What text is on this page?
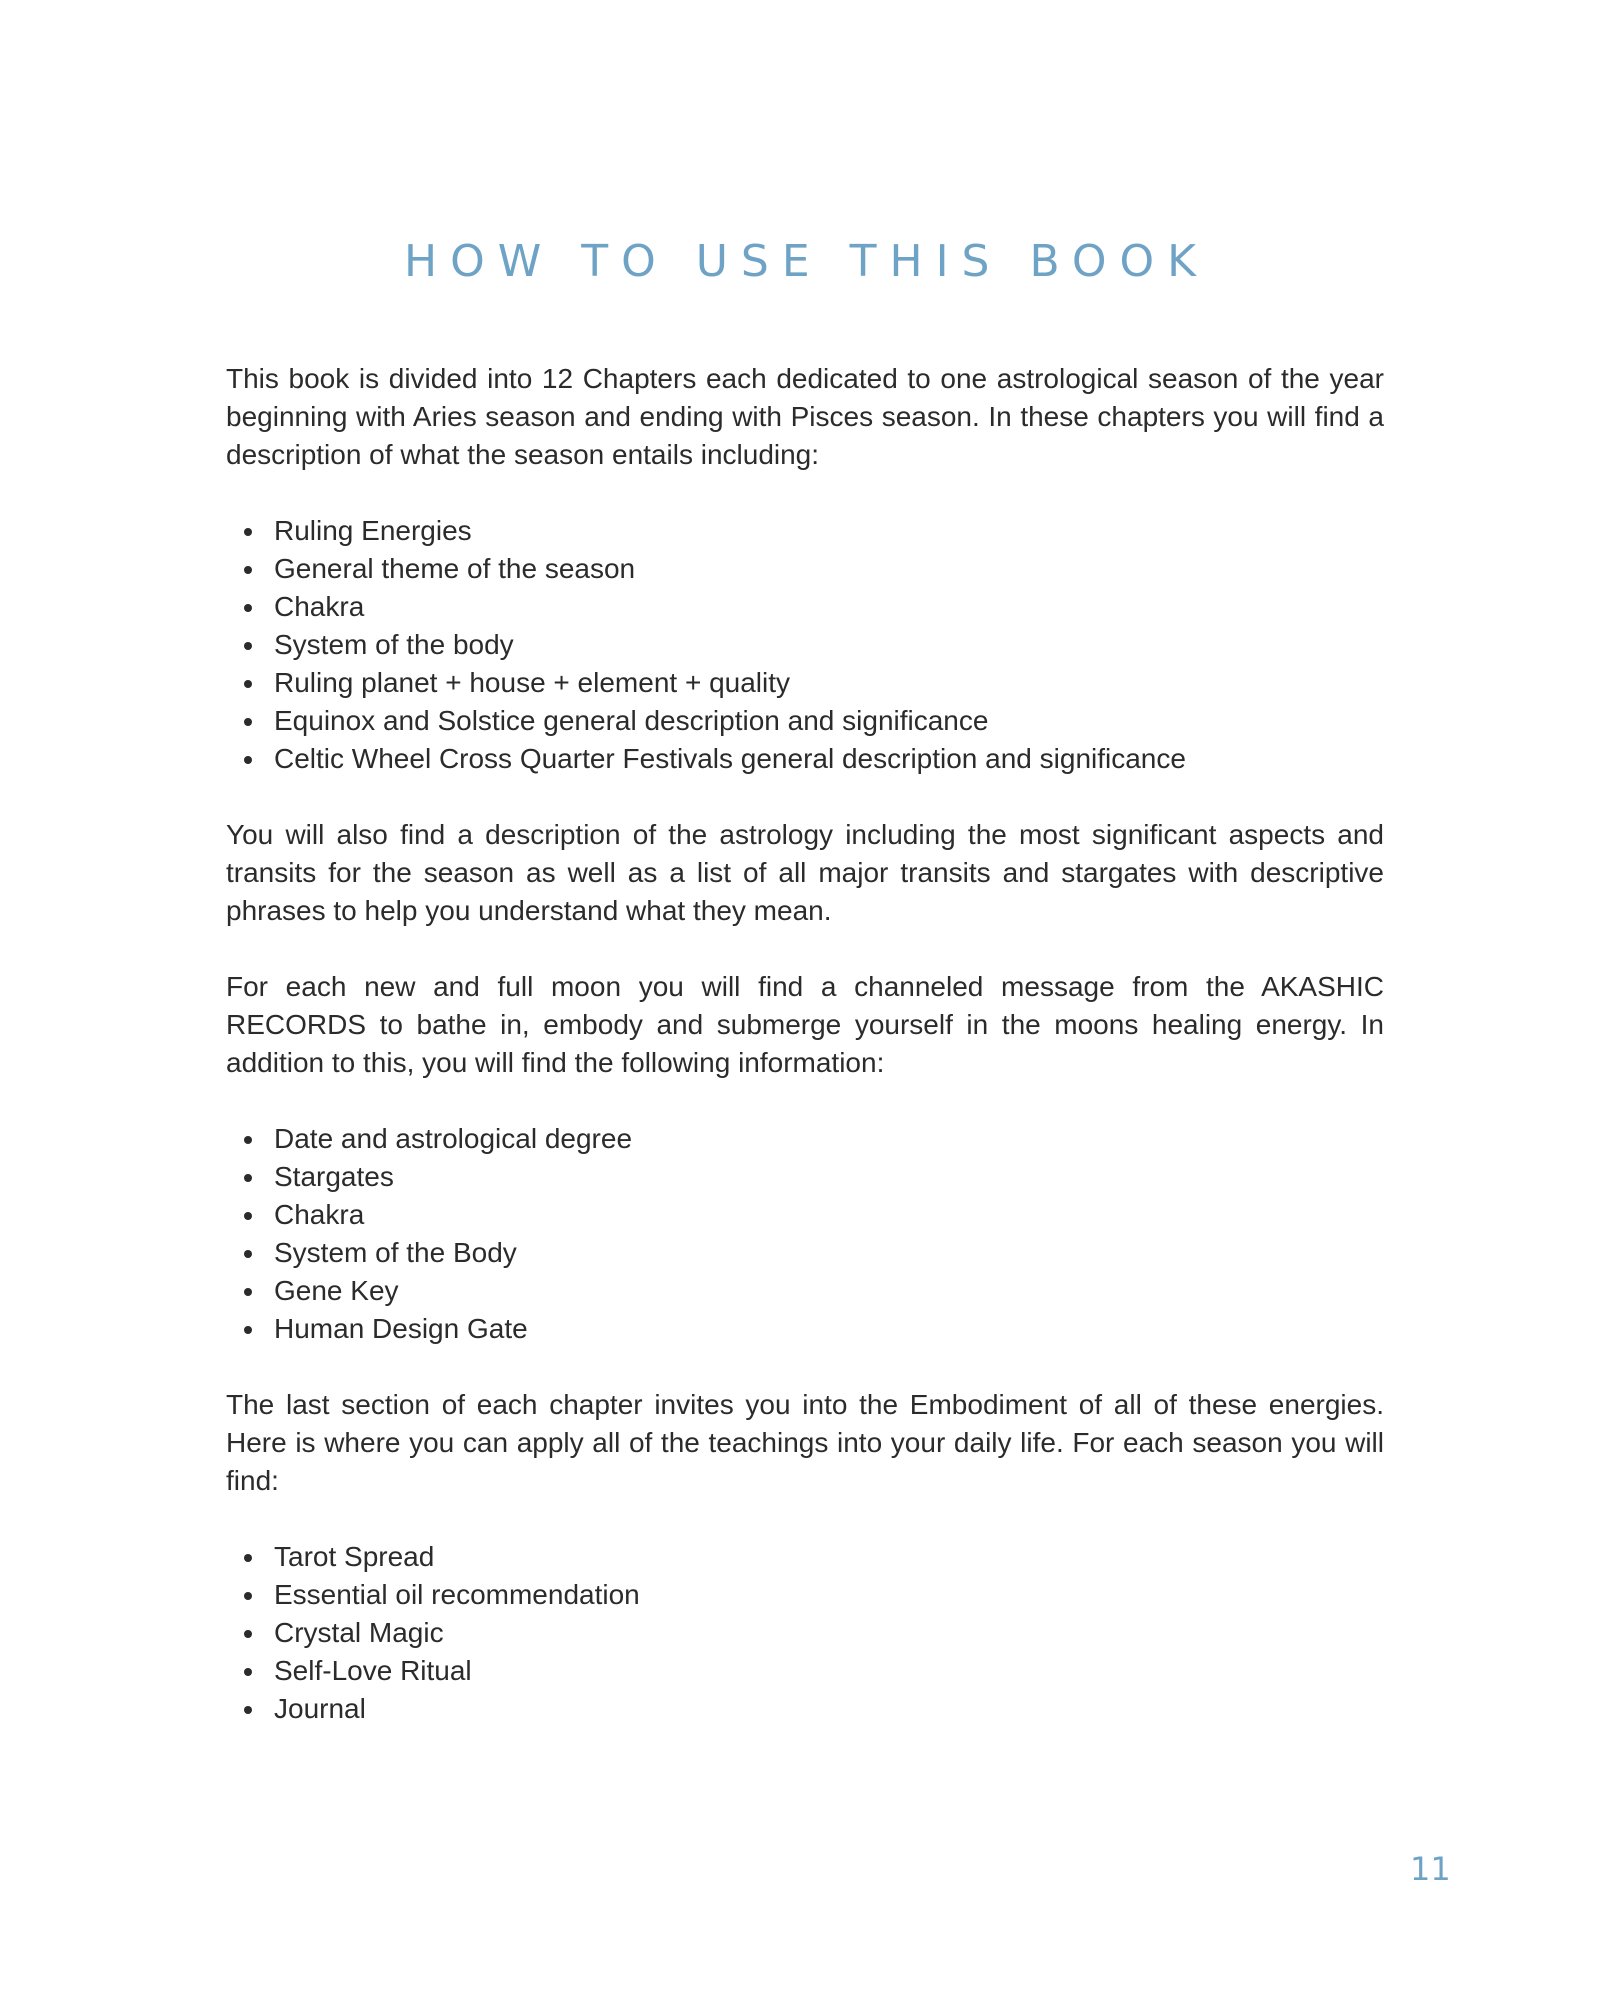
HOW TO USE THIS BOOK

This book is divided into 12 Chapters each dedicated to one astrological season of the year beginning with Aries season and ending with Pisces season. In these chapters you will find a description of what the season entails including:

Ruling Energies
General theme of the season
Chakra
System of the body
Ruling planet + house + element + quality
Equinox and Solstice general description and significance
Celtic Wheel Cross Quarter Festivals general description and significance

You will also find a description of the astrology including the most significant aspects and transits for the season as well as a list of all major transits and stargates with descriptive phrases to help you understand what they mean.

For each new and full moon you will find a channeled message from the AKASHIC RECORDS to bathe in, embody and submerge yourself in the moons healing energy. In addition to this, you will find the following information:

Date and astrological degree
Stargates
Chakra
System of the Body
Gene Key
Human Design Gate

The last section of each chapter invites you into the Embodiment of all of these energies. Here is where you can apply all of the teachings into your daily life. For each season you will find:

Tarot Spread
Essential oil recommendation
Crystal Magic
Self-Love Ritual
Journal
11
